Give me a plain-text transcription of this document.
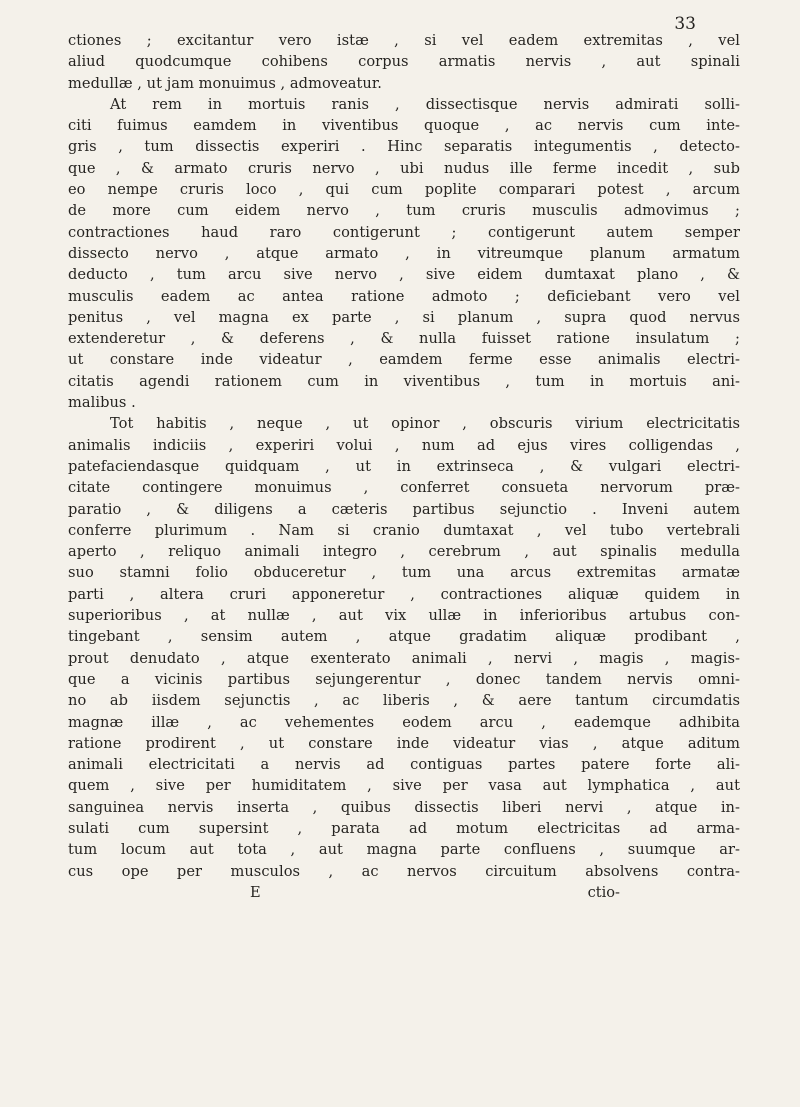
33

ctiones ; excitantur vero istæ , si vel eadem extremitas , vel

aliud quodcumque cohibens corpus armatis nervis , aut spinali

medullæ , ut jam monuimus , admoveatur.

At rem in mortuis ranis , dissectisque nervis admirati solli-

citi fuimus eamdem in viventibus quoque , ac nervis cum inte-

gris , tum dissectis experiri . Hinc separatis integumentis , detecto-

que , & armato cruris nervo , ubi nudus ille ferme incedit , sub

eo nempe cruris loco , qui cum poplite comparari potest , arcum

de more cum eidem nervo , tum cruris musculis admovimus ;

contractiones haud raro contigerunt ; contigerunt autem semper

dissecto nervo , atque armato , in vitreumque planum armatum

deducto , tum arcu sive nervo , sive eidem dumtaxat plano , &

musculis eadem ac antea ratione admoto ; deficiebant vero vel

penitus , vel magna ex parte , si planum , supra quod nervus

extenderetur , & deferens , & nulla fuisset ratione insulatum ;

ut constare inde videatur , eamdem ferme esse animalis electri-

citatis agendi rationem cum in viventibus , tum in mortuis ani-

malibus .

Tot habitis , neque , ut opinor , obscuris virium electricitatis

animalis indiciis , experiri volui , num ad ejus vires colligendas ,

patefaciendasque quidquam , ut in extrinseca , & vulgari electri-

citate contingere monuimus , conferret consueta nervorum præ-

paratio , & diligens a cæteris partibus sejunctio . Inveni autem

conferre plurimum . Nam si cranio dumtaxat , vel tubo vertebrali

aperto , reliquo animali integro , cerebrum , aut spinalis medulla

suo stamni folio obduceretur , tum una arcus extremitas armatæ

parti , altera cruri apponeretur , contractiones aliquæ quidem in

superioribus , at nullæ , aut vix ullæ in inferioribus artubus con-

tingebant , sensim autem , atque gradatim aliquæ prodibant ,

prout denudato , atque exenterato animali , nervi , magis , magis-

que a vicinis partibus sejungerentur , donec tandem nervis omni-

no ab iisdem sejunctis , ac liberis , & aere tantum circumdatis

magnæ illæ , ac vehementes eodem arcu , eademque adhibita

ratione prodirent , ut constare inde videatur vias , atque aditum

animali electricitati a nervis ad contiguas partes patere forte ali-

quem , sive per humiditatem , sive per vasa aut lymphatica , aut

sanguinea nervis inserta , quibus dissectis liberi nervi , atque in-

sulati cum supersint , parata ad motum electricitas ad arma-

tum locum aut tota , aut magna parte confluens , suumque ar-

cus ope per musculos , ac nervos circuitum absolvens contra-

E	ctio-
